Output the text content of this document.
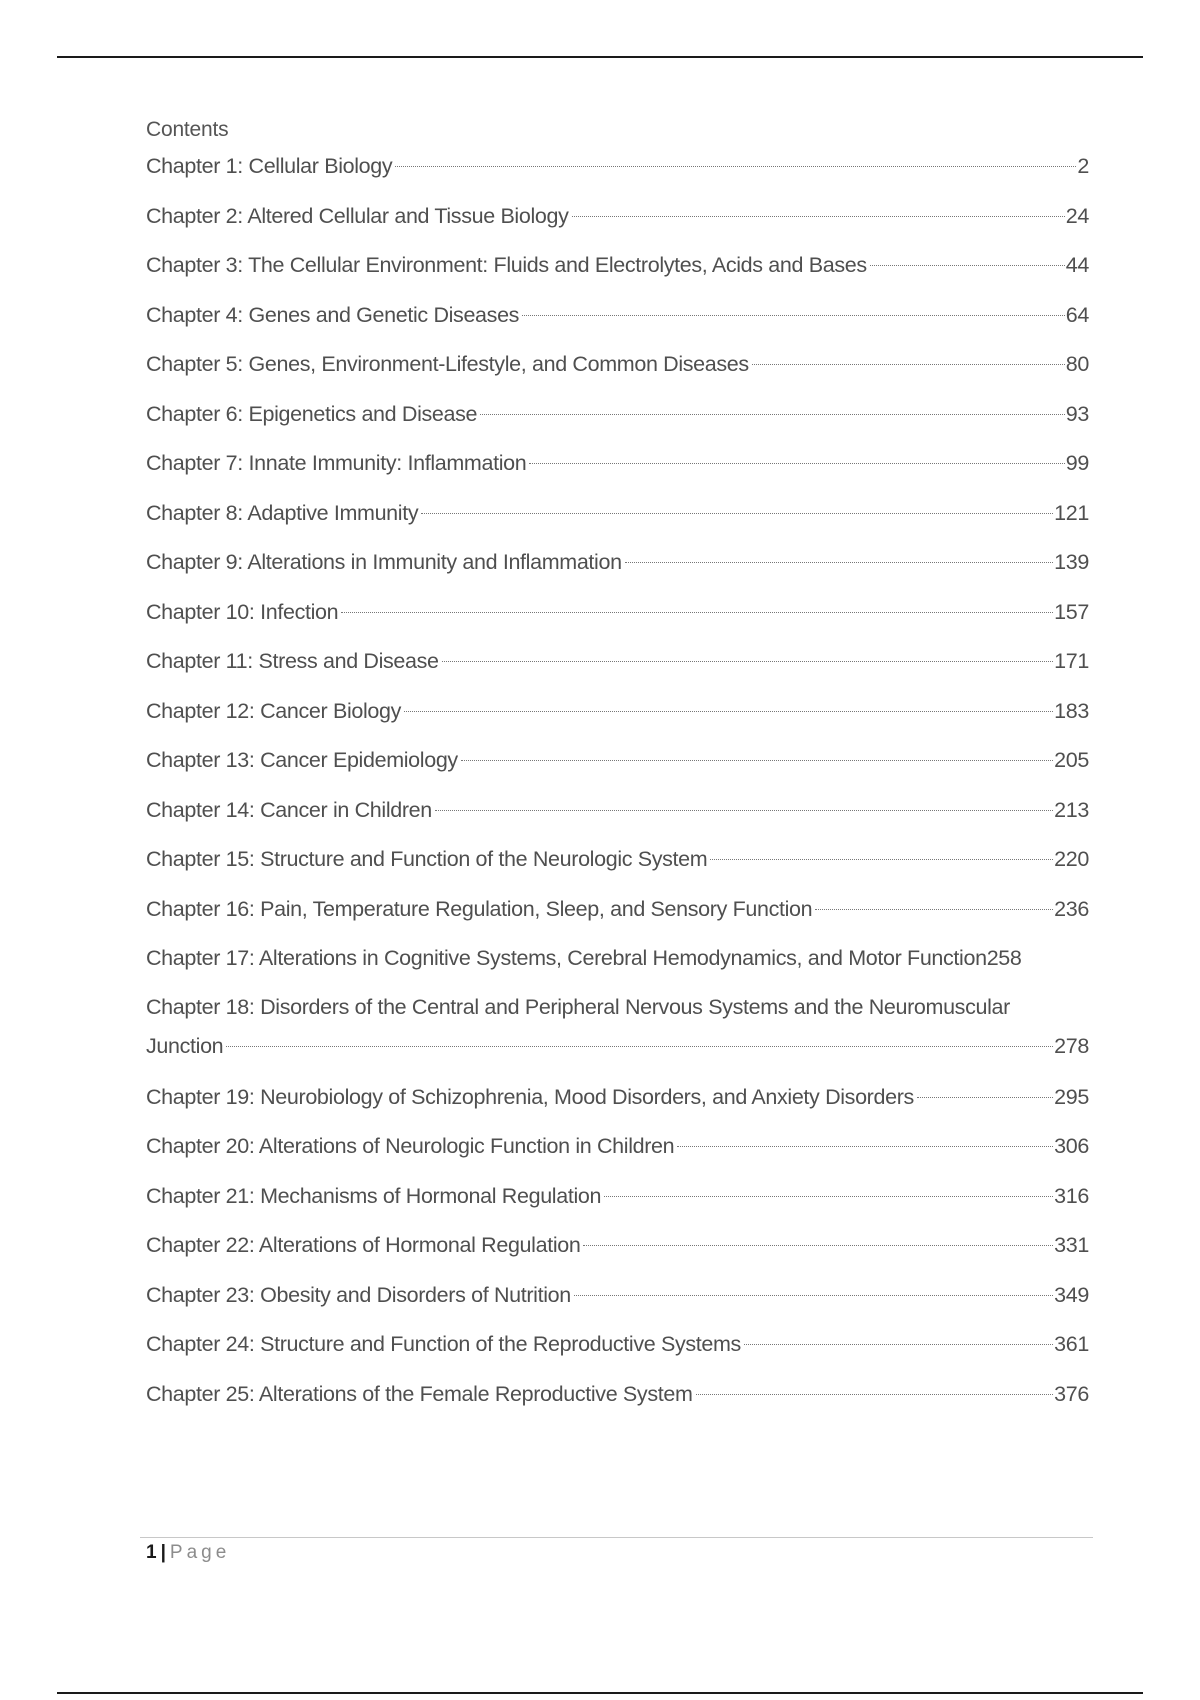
Contents
Chapter 1: Cellular Biology	2
Chapter 2: Altered Cellular and Tissue Biology	24
Chapter 3: The Cellular Environment: Fluids and Electrolytes, Acids and Bases	44
Chapter 4: Genes and Genetic Diseases	64
Chapter 5: Genes, Environment-Lifestyle, and Common Diseases	80
Chapter 6: Epigenetics and Disease	93
Chapter 7: Innate Immunity: Inflammation	99
Chapter 8: Adaptive Immunity	121
Chapter 9: Alterations in Immunity and Inflammation	139
Chapter 10: Infection	157
Chapter 11: Stress and Disease	171
Chapter 12: Cancer Biology	183
Chapter 13: Cancer Epidemiology	205
Chapter 14: Cancer in Children	213
Chapter 15: Structure and Function of the Neurologic System	220
Chapter 16: Pain, Temperature Regulation, Sleep, and Sensory Function	236
Chapter 17: Alterations in Cognitive Systems, Cerebral Hemodynamics, and Motor Function 258
Chapter 18: Disorders of the Central and Peripheral Nervous Systems and the Neuromuscular
Junction	278
Chapter 19: Neurobiology of Schizophrenia, Mood Disorders, and Anxiety Disorders	295
Chapter 20: Alterations of Neurologic Function in Children	306
Chapter 21: Mechanisms of Hormonal Regulation	316
Chapter 22: Alterations of Hormonal Regulation	331
Chapter 23: Obesity and Disorders of Nutrition	349
Chapter 24: Structure and Function of the Reproductive Systems	361
Chapter 25: Alterations of the Female Reproductive System	376
1 | Page
